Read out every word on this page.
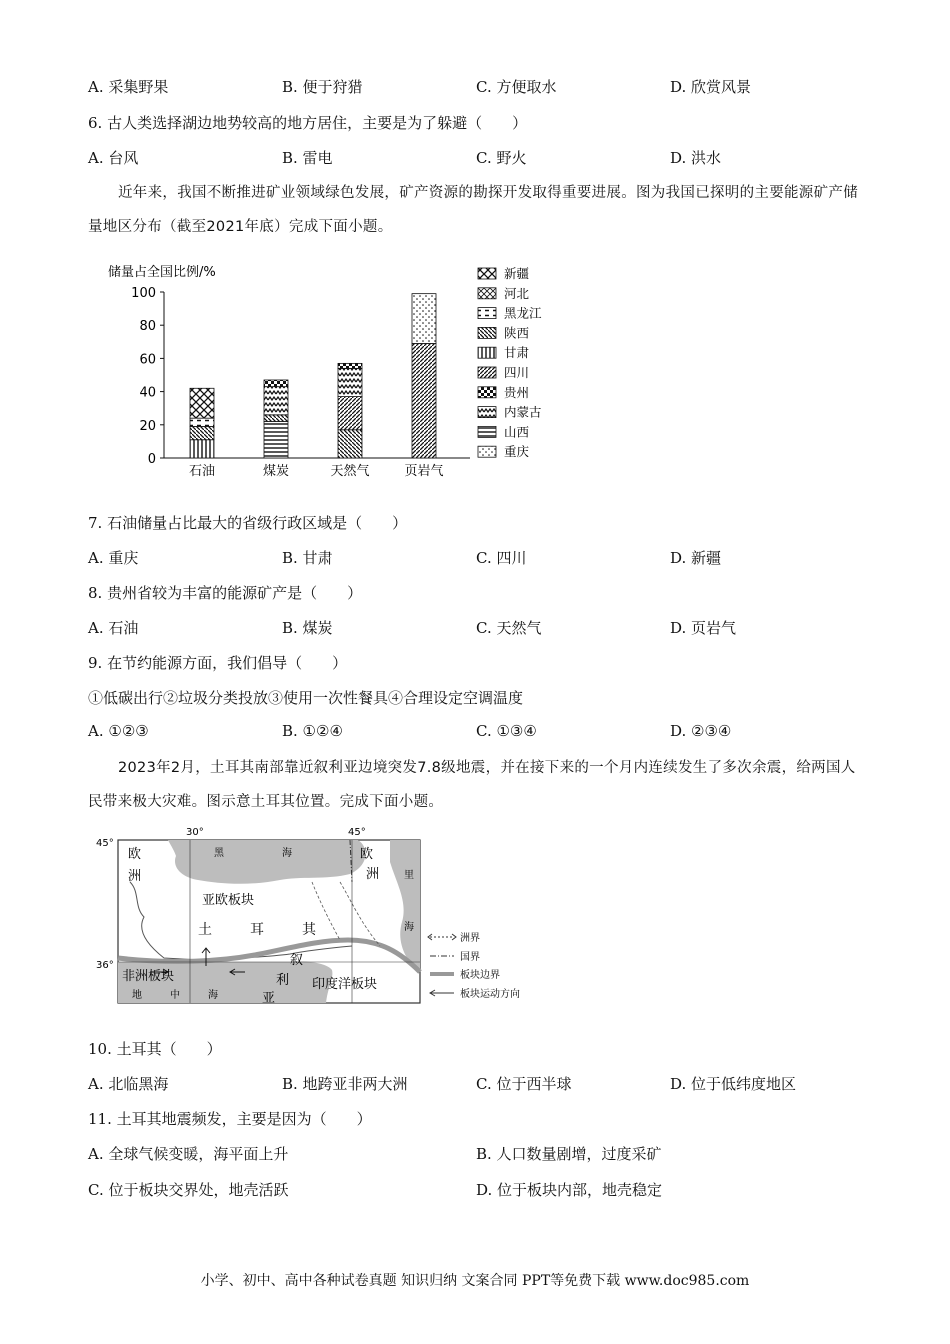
A. 采集野果	B. 便于狩猎	C. 方便取水	D. 欣赏风景
6. 古人类选择湖边地势较高的地方居住，主要是为了躲避（　　）
A. 台风	B. 雷电	C. 野火	D. 洪水
近年来，我国不断推进矿业领域绿色发展，矿产资源的勘探开发取得重要进展。图为我国已探明的主要能源矿产储量地区分布（截至2021年底）完成下面小题。
储量占全国比例/%
0
20
40
60
80
100
石油	煤炭	天然气	页岩气
新疆
河北
黑龙江
陕西
甘肃
四川
贵州
内蒙古
山西
重庆
7. 石油储量占比最大的省级行政区域是（　　）
A. 重庆	B. 甘肃	C. 四川	D. 新疆
8. 贵州省较为丰富的能源矿产是（　　）
A. 石油	B. 煤炭	C. 天然气	D. 页岩气
9. 在节约能源方面，我们倡导（　　）
①低碳出行②垃圾分类投放③使用一次性餐具④合理设定空调温度
A. ①②③	B. ①②④	C. ①③④	D. ②③④
2023年2月，土耳其南部靠近叙利亚边境突发7.8级地震，并在接下来的一个月内连续发生了多次余震，给两国人民带来极大灾难。图示意土耳其位置。完成下面小题。
30°	45°
45°
36°
欧
洲
黑	海	欧
洲 里
海
亚欧板块
土	耳	其
非洲板块
地	中	海
叙
利
亚
印度洋板块
洲界
国界
板块边界
板块运动方向
10. 土耳其（　　）
A. 北临黑海	B. 地跨亚非两大洲	C. 位于西半球	D. 位于低纬度地区
11. 土耳其地震频发，主要是因为（　　）
A. 全球气候变暖，海平面上升	B. 人口数量剧增，过度采矿
C. 位于板块交界处，地壳活跃	D. 位于板块内部，地壳稳定
小学、初中、高中各种试卷真题 知识归纳 文案合同 PPT等免费下载 www.doc985.com
